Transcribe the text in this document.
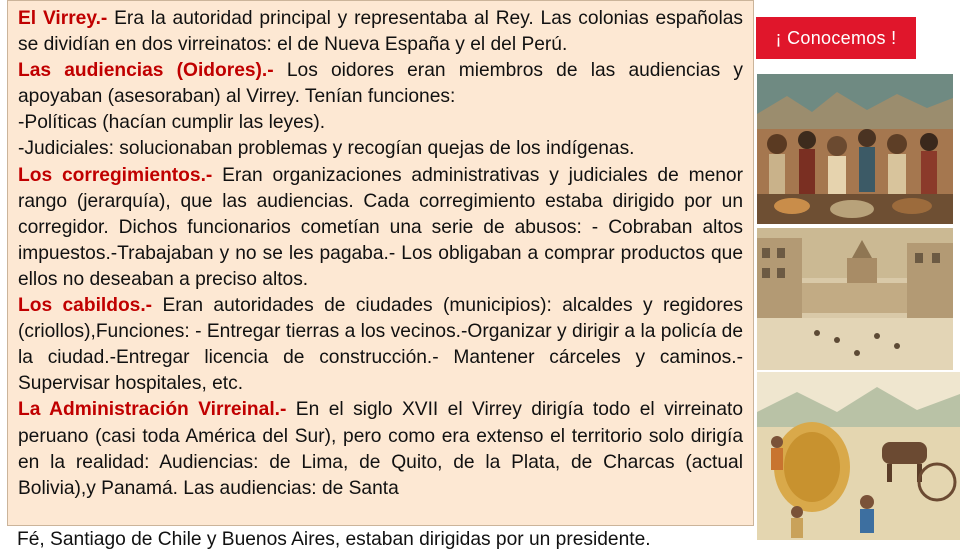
El Virrey.- Era la autoridad principal y representaba al Rey. Las colonias españolas se dividían en dos virreinatos: el de Nueva España y el del Perú.

Las audiencias (Oidores).- Los oidores eran miembros de las audiencias y apoyaban (asesoraban) al Virrey. Tenían funciones:

-Políticas (hacían cumplir las leyes).

-Judiciales: solucionaban problemas y recogían quejas de los indígenas.

Los corregimientos.- Eran organizaciones administrativas y judiciales de menor rango (jerarquía), que las audiencias. Cada corregimiento estaba dirigido por un corregidor. Dichos funcionarios cometían una serie de abusos: - Cobraban altos impuestos.-Trabajaban y no se les pagaba.- Los obligaban a comprar productos que ellos no deseaban a preciso altos.

Los cabildos.- Eran autoridades de ciudades (municipios): alcaldes y regidores (criollos),Funciones: - Entregar tierras a los vecinos.-Organizar y dirigir a la policía de la ciudad.-Entregar licencia de construcción.- Mantener cárceles y caminos.-Supervisar hospitales, etc.

La Administración Virreinal.- En el siglo XVII el Virrey dirigía todo el virreinato peruano (casi toda América del Sur), pero como era extenso el territorio solo dirigía en la realidad: Audiencias: de Lima, de Quito, de la Plata, de Charcas (actual Bolivia),y Panamá. Las audiencias: de Santa

Fé, Santiago de Chile y Buenos Aires, estaban dirigidas por un presidente.
¡ Conocemos !
